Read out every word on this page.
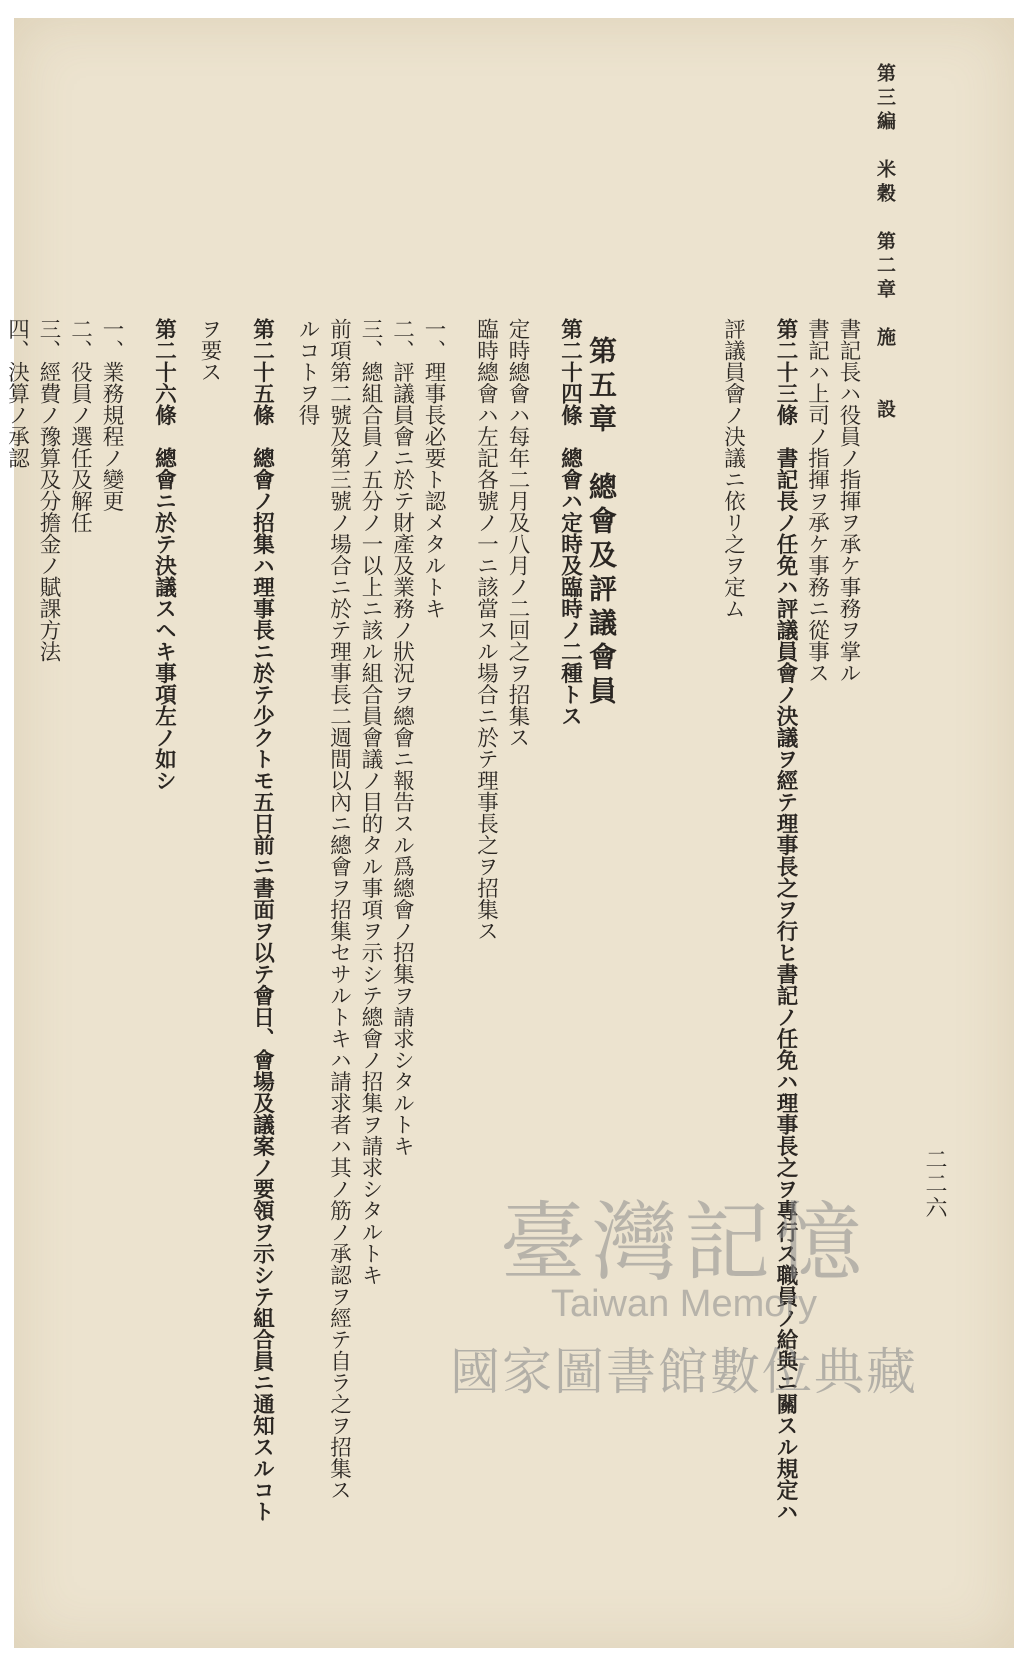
第三編　米穀　第二章　施　　設
二二六
書記長ハ役員ノ指揮ヲ承ケ事務ヲ掌ル
書記ハ上司ノ指揮ヲ承ケ事務ニ從事ス
第二十三條　書記長ノ任免ハ評議員會ノ決議ヲ經テ理事長之ヲ行ヒ書記ノ任免ハ理事長之ヲ專行ス職員ノ給與ニ關スル規定ハ
評議員會ノ決議ニ依リ之ヲ定ム
第五章　總會及評議會員
第二十四條　總會ハ定時及臨時ノ二種トス
定時總會ハ每年二月及八月ノ二回之ヲ招集ス
臨時總會ハ左記各號ノ一ニ該當スル場合ニ於テ理事長之ヲ招集ス
一、理事長必要ト認メタルトキ
二、評議員會ニ於テ財產及業務ノ狀況ヲ總會ニ報告スル爲總會ノ招集ヲ請求シタルトキ
三、總組合員ノ五分ノ一以上ニ該ル組合員會議ノ目的タル事項ヲ示シテ總會ノ招集ヲ請求シタルトキ
前項第二號及第三號ノ場合ニ於テ理事長二週間以內ニ總會ヲ招集セサルトキハ請求者ハ其ノ筋ノ承認ヲ經テ自ラ之ヲ招集ス
ルコトヲ得
第二十五條　總會ノ招集ハ理事長ニ於テ少クトモ五日前ニ書面ヲ以テ會日、會場及議案ノ要領ヲ示シテ組合員ニ通知スルコト
ヲ要ス
第二十六條　總會ニ於テ決議スヘキ事項左ノ如シ
一、業務規程ノ變更
二、役員ノ選任及解任
三、經費ノ豫算及分擔金ノ賦課方法
四、決算ノ承認
臺灣記憶
Taiwan Memory
國家圖書館數位典藏
